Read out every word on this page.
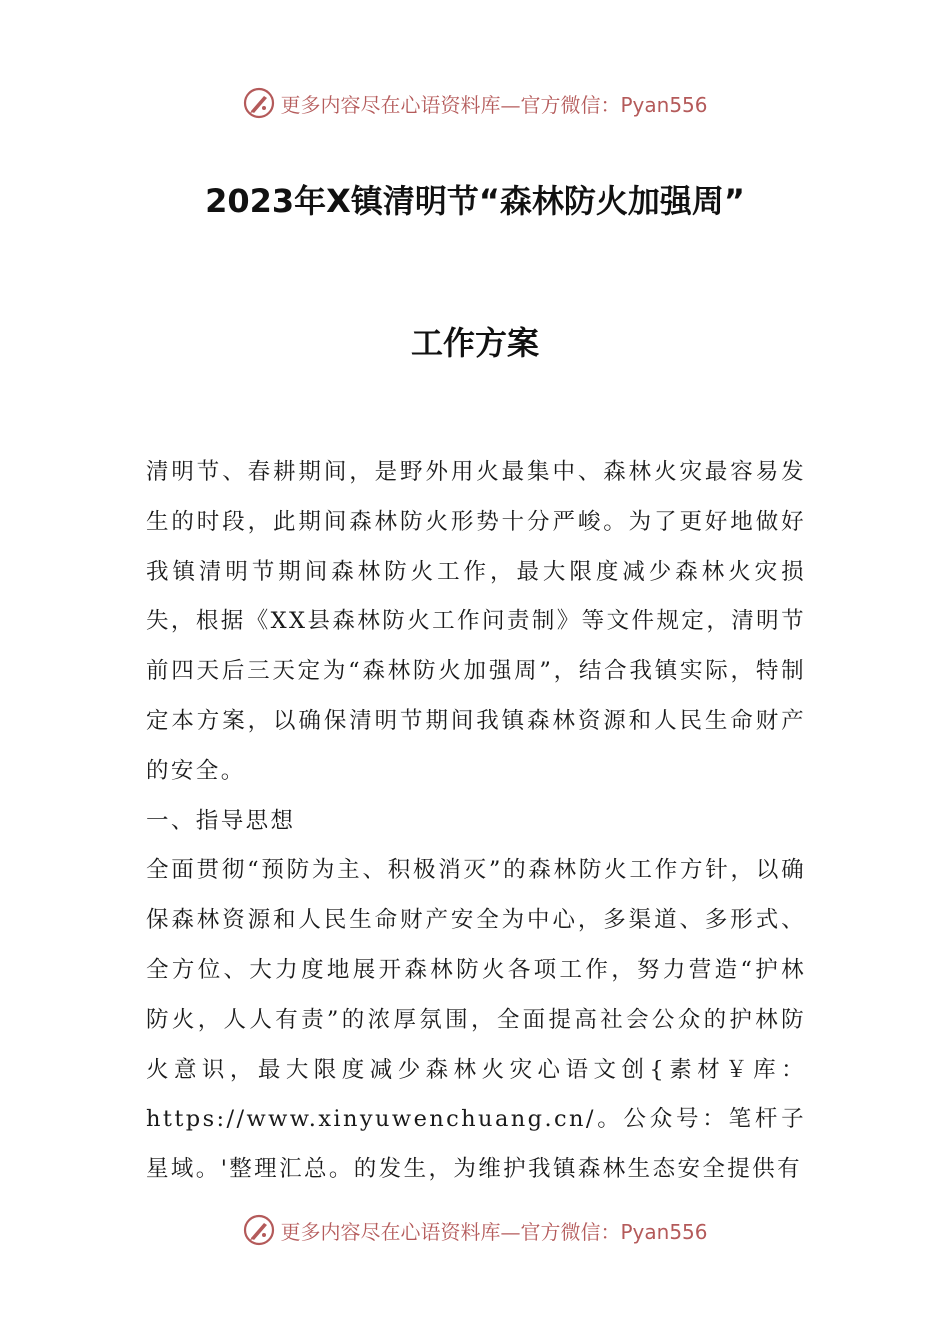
更多内容尽在心语资料库—官方微信：Pyan556
2023年X镇清明节“森林防火加强周”
工作方案

清明节、春耕期间，是野外用火最集中、森林火灾最容易发生的时段，此期间森林防火形势十分严峻。为了更好地做好我镇清明节期间森林防火工作，最大限度减少森林火灾损失，根据《XX县森林防火工作问责制》等文件规定，清明节前四天后三天定为“森林防火加强周”，结合我镇实际，特制定本方案，以确保清明节期间我镇森林资源和人民生命财产的安全。

一、指导思想

全面贯彻“预防为主、积极消灭”的森林防火工作方针，以确保森林资源和人民生命财产安全为中心，多渠道、多形式、全方位、大力度地展开森林防火各项工作，努力营造“护林防火，人人有责”的浓厚氛围，全面提高社会公众的护林防火意识，最大限度减少森林火灾心语文创{素材￥库：https://www.xinyuwenchuang.cn/。公众号：笔杆子星域。'整理汇总。的发生，为维护我镇森林生态安全提供有

更多内容尽在心语资料库—官方微信：Pyan556
